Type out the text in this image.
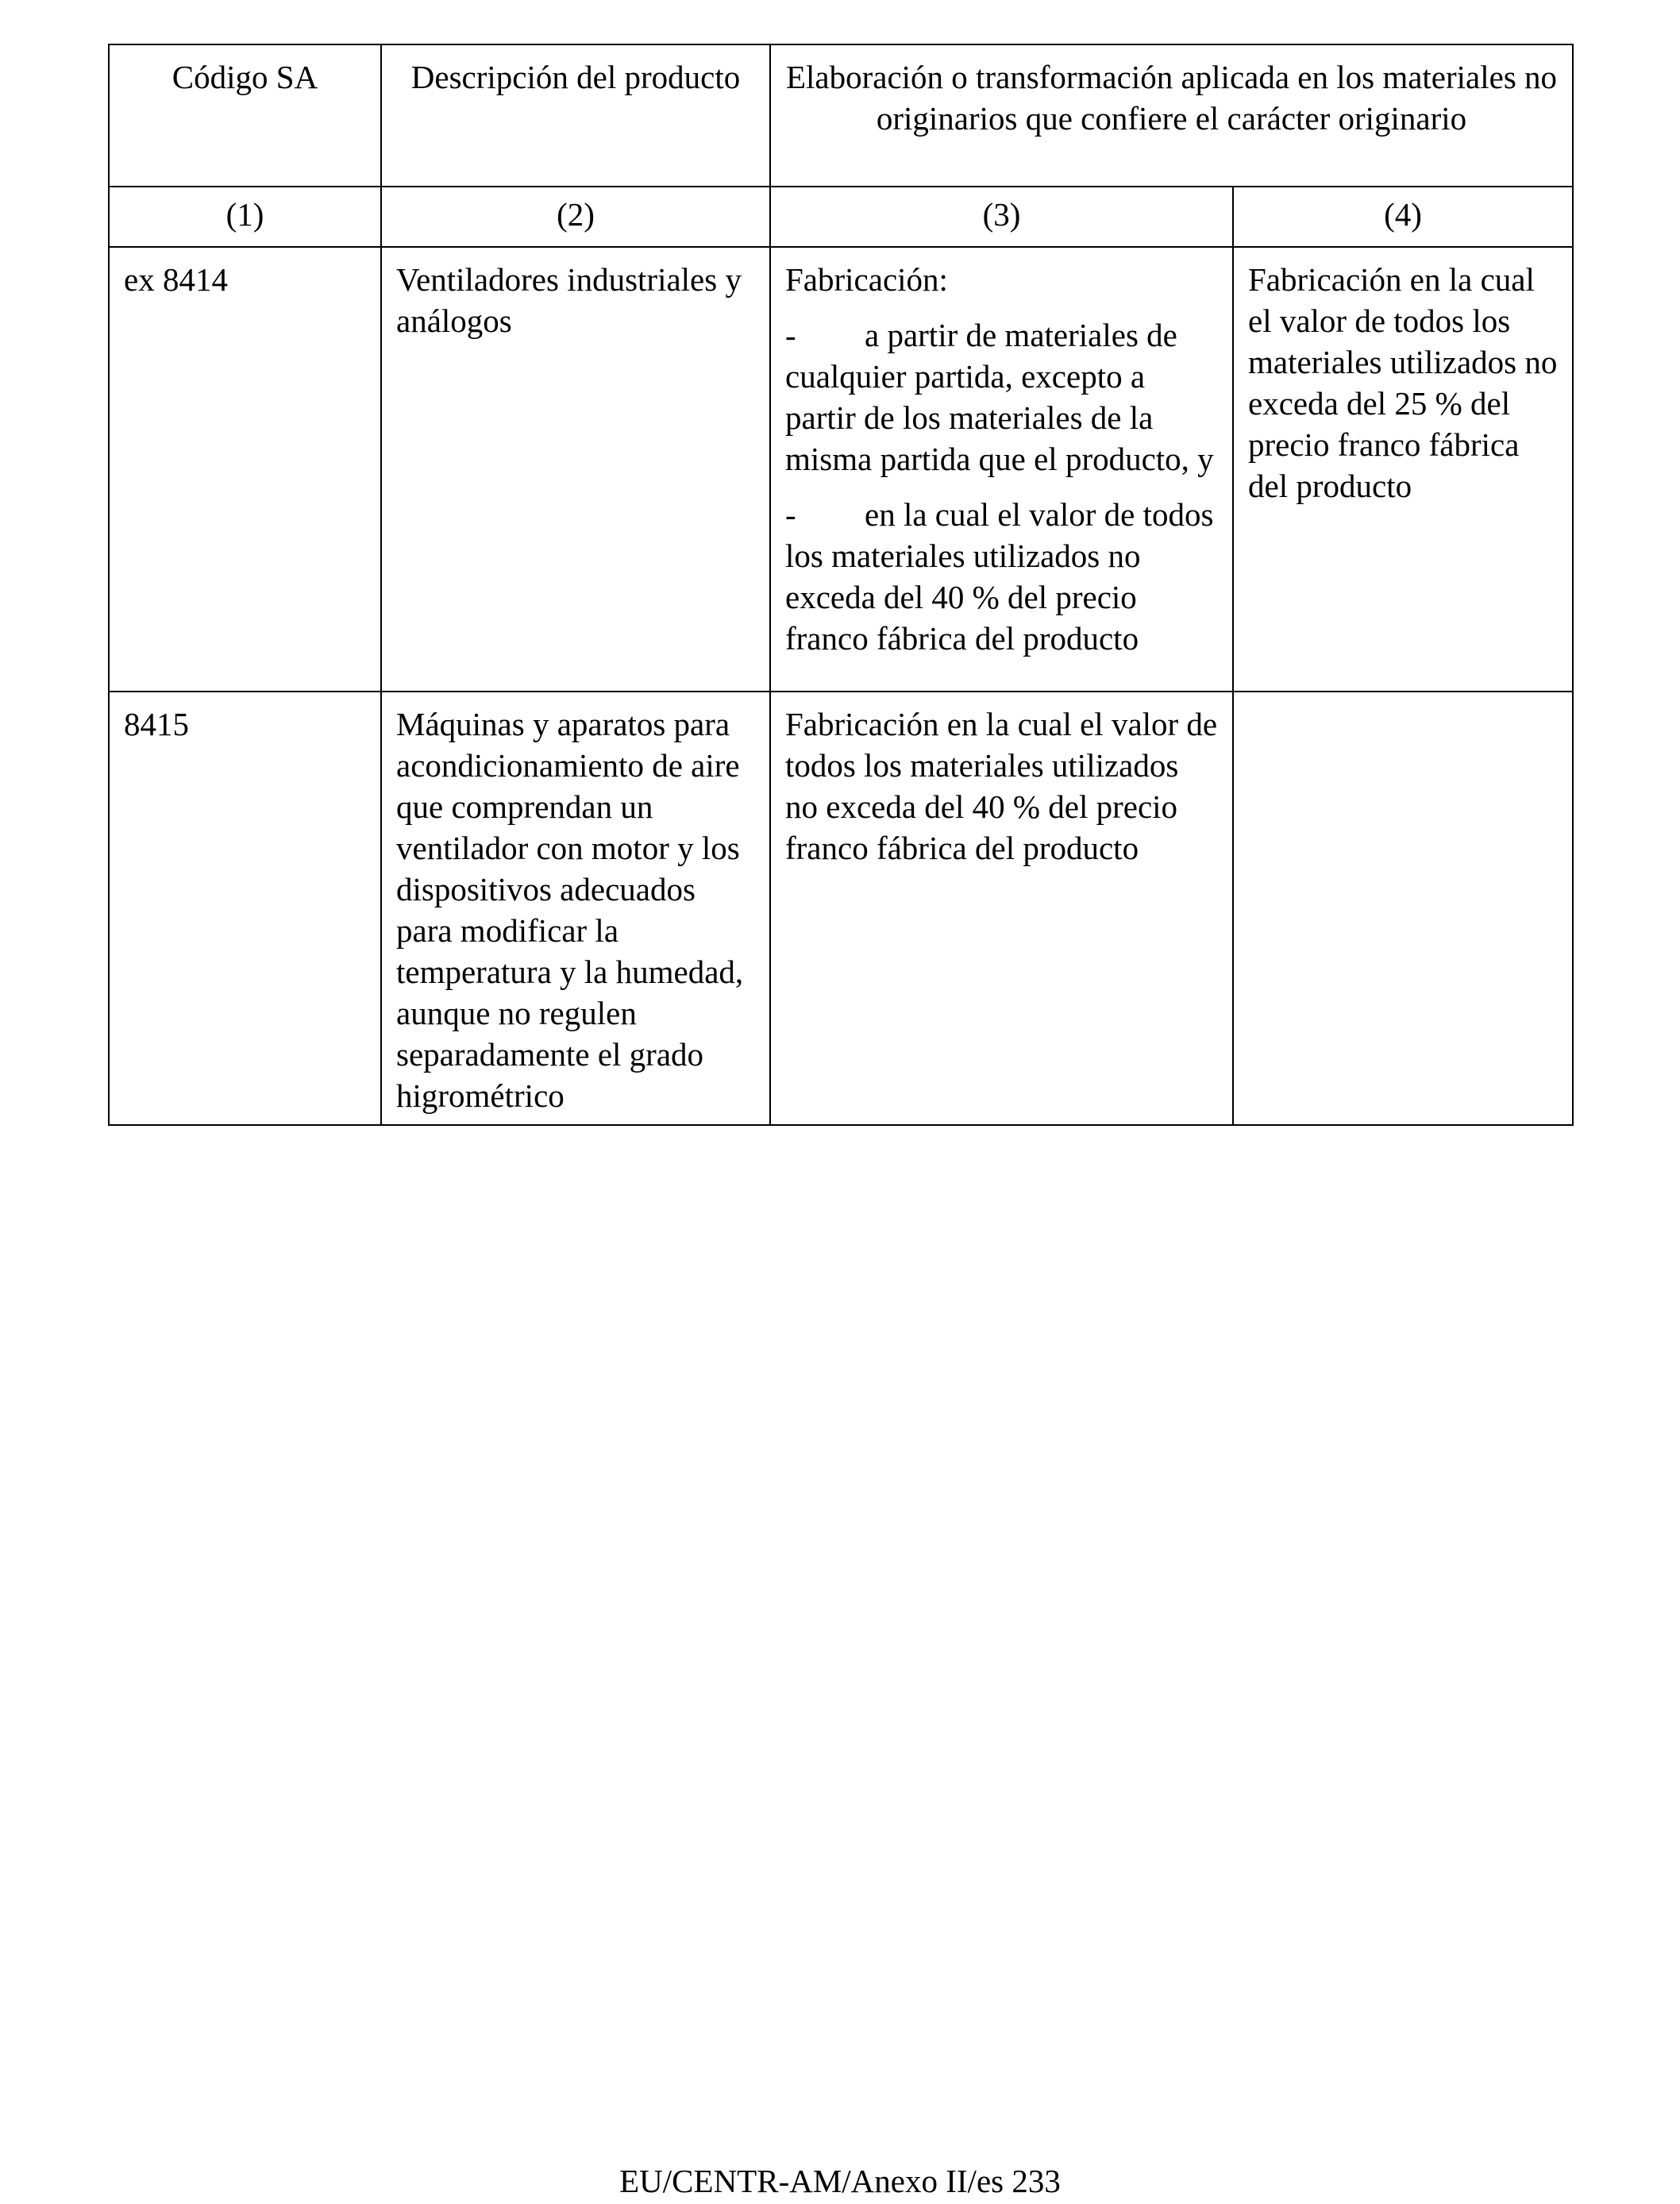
Código SA	Descripción del producto	Elaboración o transformación aplicada en los materiales no originarios que confiere el carácter originario	
(1)	(2)	(3)	(4)
ex 8414	Ventiladores industriales y análogos	Fabricación:

- a partir de materiales de cualquier partida, excepto a partir de los materiales de la misma partida que el producto, y

- en la cual el valor de todos los materiales utilizados no exceda del 40 % del precio franco fábrica del producto	Fabricación en la cual el valor de todos los materiales utilizados no exceda del 25 % del precio franco fábrica del producto
8415	Máquinas y aparatos para acondicionamiento de aire que comprendan un ventilador con motor y los dispositivos adecuados para modificar la temperatura y la humedad, aunque no regulen separadamente el grado higrométrico	Fabricación en la cual el valor de todos los materiales utilizados no exceda del 40 % del precio franco fábrica del producto	
EU/CENTR-AM/Anexo II/es 233
